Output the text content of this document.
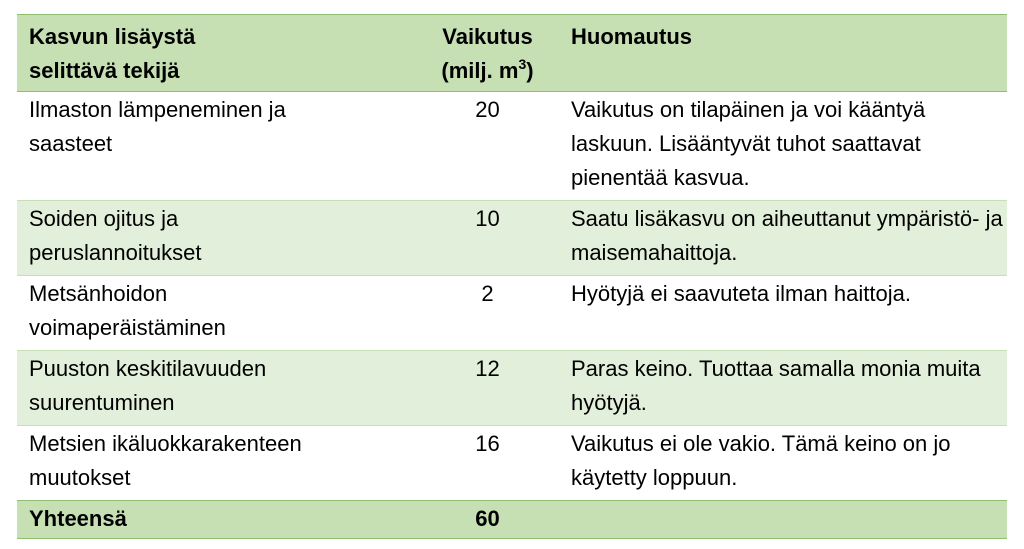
Kasvun lisäystä selittävä tekijä	Vaikutus (milj. $m^3$)	Huomautus
Ilmaston lämpeneminen ja saasteet	20	Vaikutus on tilapäinen ja voi kääntyä laskuun. Lisääntyvät tuhot saattavat pienentää kasvua.
Soiden ojitus ja peruslannoitukset	10	Saatu lisäkasvu on aiheuttanut ympäristö- ja maisemahaittoja.
Metsänhoidon voimaperäistäminen	2	Hyötyjä ei saavuteta ilman haittoja.
Puuston keskitilavuuden suurentuminen	12	Paras keino. Tuottaa samalla monia muita hyötyjä.
Metsien ikäluokkarakenteen muutokset	16	Vaikutus ei ole vakio. Tämä keino on jo käytetty loppuun.
Yhteensä	60	
